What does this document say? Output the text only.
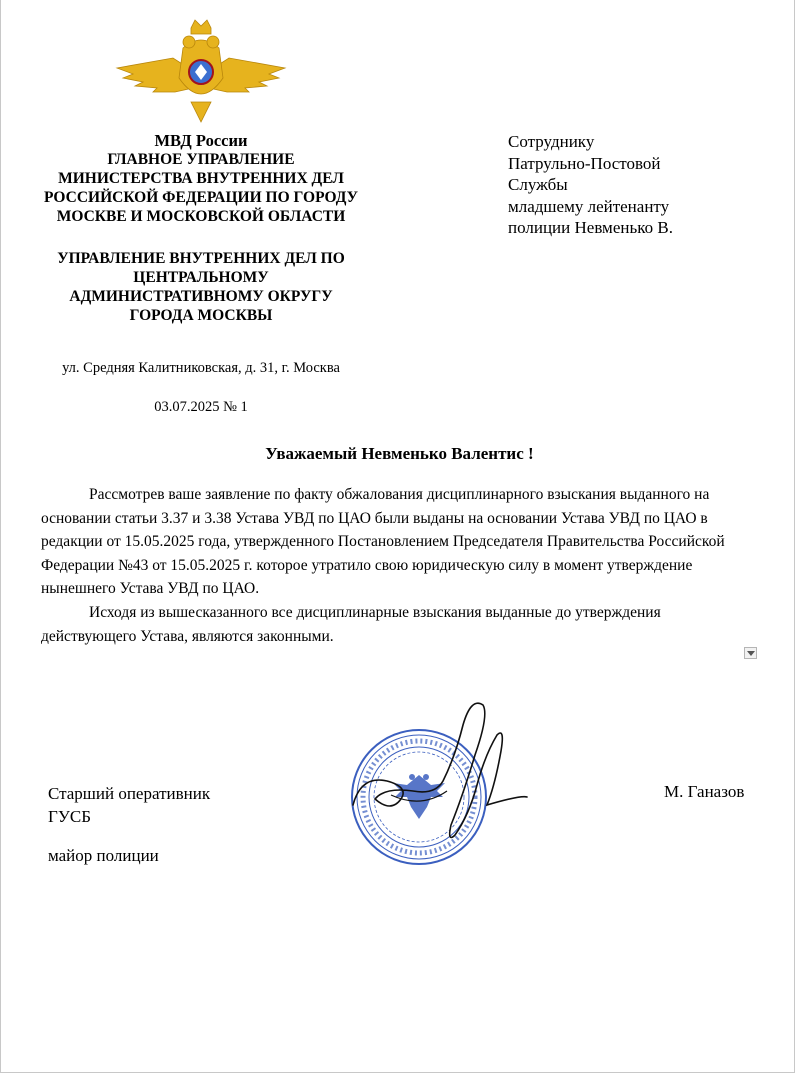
МВД России
ГЛАВНОЕ УПРАВЛЕНИЕ МИНИСТЕРСТВА ВНУТРЕННИХ ДЕЛ РОССИЙСКОЙ ФЕДЕРАЦИИ ПО ГОРОДУ МОСКВЕ И МОСКОВСКОЙ ОБЛАСТИ
УПРАВЛЕНИЕ ВНУТРЕННИХ ДЕЛ ПО ЦЕНТРАЛЬНОМУ АДМИНИСТРАТИВНОМУ ОКРУГУ ГОРОДА МОСКВЫ
ул. Средняя Калитниковская, д. 31, г. Москва
03.07.2025 № 1
Сотруднику
Патрульно-Постовой
Службы
младшему лейтенанту
полиции Невменько В.
Уважаемый Невменько Валентис !

Рассмотрев ваше заявление по факту обжалования дисциплинарного взыскания выданного на основании статьи 3.37 и 3.38 Устава УВД по ЦАО были выданы на основании Устава УВД по ЦАО в редакции от 15.05.2025 года, утвержденного Постановлением Председателя Правительства Российской Федерации №43 от 15.05.2025 г. которое утратило свою юридическую силу в момент утверждение нынешнего Устава УВД по ЦАО.

Исходя из вышесказанного все дисциплинарные взыскания выданные до утверждения действующего Устава, являются законными.

Старший оперативник
ГУСБ
майор полиции
М. Ганазов
